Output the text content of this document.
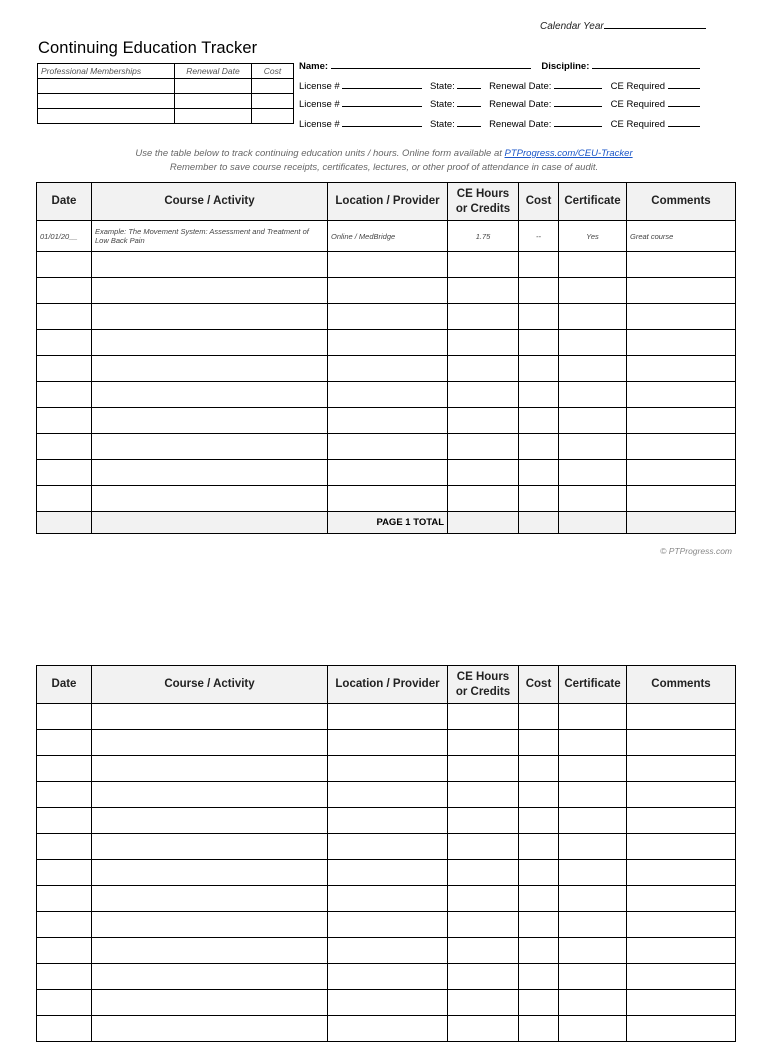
Calendar Year
Continuing Education Tracker
Professional Memberships	Renewal Date	Cost

		Name:	Discipline:
License #	State:	Renewal Date:	CE Required
License #	State:	Renewal Date:	CE Required
License #	State:	Renewal Date:	CE Required
Use the table below to track continuing education units / hours. Online form available at PTProgress.com/CEU-Tracker
Remember to save course receipts, certificates, lectures, or other proof of attendance in case of audit.
Date	Course / Activity	Location / Provider	CE Hours or Credits	Cost	Certificate	Comments
01/01/20__	Example: The Movement System: Assessment and Treatment of Low Back Pain	Online / MedBridge	1.75	--	Yes	Great course

		PAGE 1 TOTAL				
© PTProgress.com
Date	Course / Activity	Location / Provider	CE Hours or Credits	Cost	Certificate	Comments
